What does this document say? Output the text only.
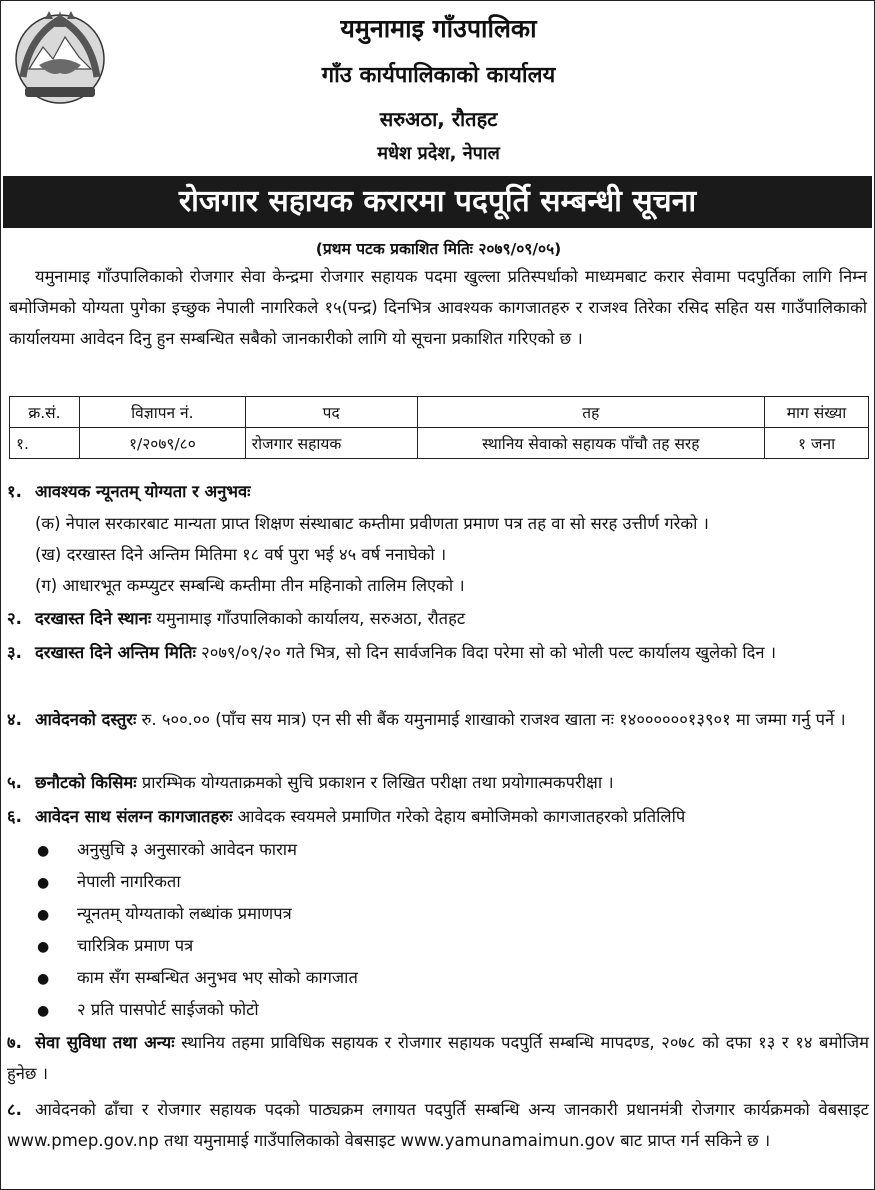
यमुनामाइ गाँउपालिका
गाँउ कार्यपालिकाको कार्यालय
सरुअठा, रौतहट
मधेश प्रदेश, नेपाल
रोजगार सहायक करारमा पदपूर्ति सम्बन्धी सूचना
(प्रथम पटक प्रकाशित मितिः २०७९/०९/०५)
यमुनामाइ गाँउपालिकाको रोजगार सेवा केन्द्रमा रोजगार सहायक पदमा खुल्ला प्रतिस्पर्धाको माध्यमबाट करार सेवामा पदपुर्तिका लागि निम्न बमोजिमको योग्यता पुगेका इच्छुक नेपाली नागरिकले १५(पन्द्र) दिनभित्र आवश्यक कागजातहरु र राजश्व तिरेका रसिद सहित यस गाउँपालिकाको कार्यालयमा आवेदन दिनु हुन सम्बन्धित सबैको जानकारीको लागि यो सूचना प्रकाशित गरिएको छ ।
क्र.सं.	विज्ञापन नं.	पद	तह	माग संख्या
१.	१/२०७९/८०	रोजगार सहायक	स्थानिय सेवाको सहायक पाँचौ तह सरह	१ जना
१. आवश्यक न्यूनतम् योग्यता र अनुभवः
(क) नेपाल सरकारबाट मान्यता प्राप्त शिक्षण संस्थाबाट कम्तीमा प्रवीणता प्रमाण पत्र तह वा सो सरह उत्तीर्ण गरेको ।
(ख) दरखास्त दिने अन्तिम मितिमा १८ वर्ष पुरा भई ४५ वर्ष ननाघेको ।
(ग) आधारभूत कम्प्युटर सम्बन्धि कम्तीमा तीन महिनाको तालिम लिएको ।
२. दरखास्त दिने स्थानः यमुनामाइ गाँउपालिकाको कार्यालय, सरुअठा, रौतहट
३. दरखास्त दिने अन्तिम मितिः २०७९/०९/२० गते भित्र, सो दिन सार्वजनिक विदा परेमा सो को भोली पल्ट कार्यालय खुलेको दिन ।
४. आवेदनको दस्तुरः रु. ५००.०० (पाँच सय मात्र) एन सी सी बैंक यमुनामाई शाखाको राजश्व खाता नः १४००००००१३९०१ मा जम्मा गर्नु पर्ने ।
५. छनौटको किसिमः प्रारम्भिक योग्यताक्रमको सुचि प्रकाशन र लिखित परीक्षा तथा प्रयोगात्मकपरीक्षा ।
६. आवेदन साथ संलग्न कागजातहरुः आवेदक स्वयमले प्रमाणित गरेको देहाय बमोजिमको कागजातहरको प्रतिलिपि
● अनुसुचि ३ अनुसारको आवेदन फाराम
● नेपाली नागरिकता
● न्यूनतम् योग्यताको लब्धांक प्रमाणपत्र
● चारित्रिक प्रमाण पत्र
● काम सँग सम्बन्धित अनुभव भए सोको कागजात
● २ प्रति पासपोर्ट साईजको फोटो
७. सेवा सुविधा तथा अन्यः स्थानिय तहमा प्राविधिक सहायक र रोजगार सहायक पदपुर्ति सम्बन्धि मापदण्ड, २०७८ को दफा १३ र १४ बमोजिम हुनेछ ।
८. आवेदनको ढाँचा र रोजगार सहायक पदको पाठ्यक्रम लगायत पदपुर्ति सम्बन्धि अन्य जानकारी प्रधानमंत्री रोजगार कार्यक्रमको वेबसाइट www.pmep.gov.np तथा यमुनामाई गाउँपालिकाको वेबसाइट www.yamunamaimun.gov बाट प्राप्त गर्न सकिने छ ।
